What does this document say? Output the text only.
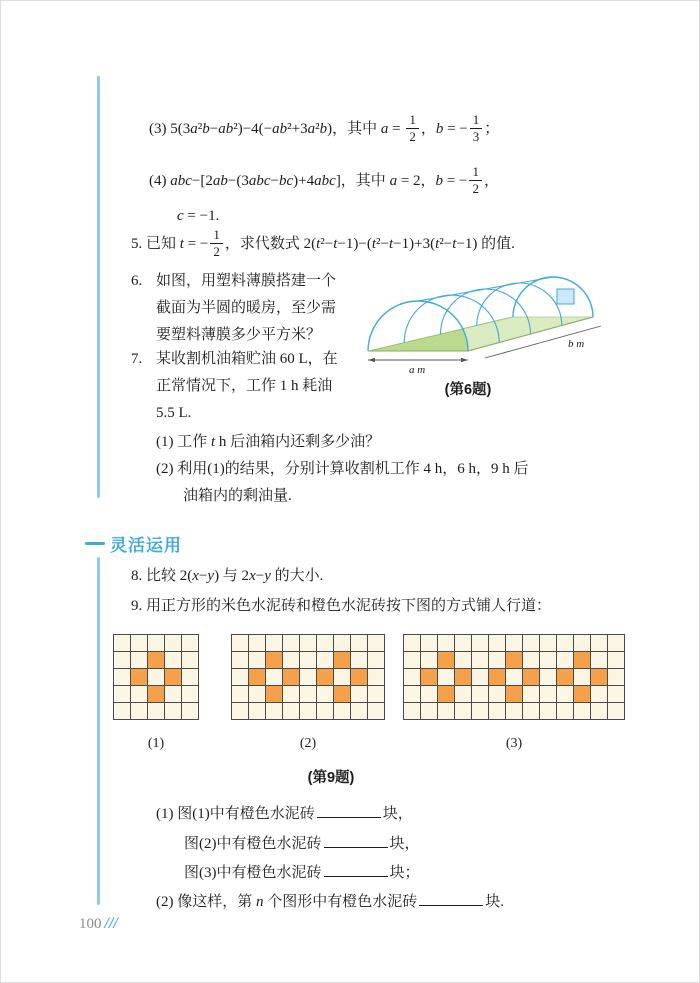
(3) 5(3a²b−ab²)−4(−ab²+3a²b)，其中 $a = \frac{1}{2}$ ，b = − $\frac{1}{3}$ ；
(4) abc−[2ab−(3abc−bc)+4abc]，其中 a = 2，b = − $\frac{1}{2}$ ，
c = −1.
5. 已知 t = − $\frac{1}{2}$ ，求代数式 2(t²−t−1)−(t²−t−1)+3(t²−t−1) 的值.
6. 如图，用塑料薄膜搭建一个
截面为半圆的暖房，至少需
要塑料薄膜多少平方米？
a m
b m
(第6题)
7. 某收割机油箱贮油 60 L，在
正常情况下，工作 1 h 耗油
5.5 L.
(1) 工作 t h 后油箱内还剩多少油？
(2) 利用(1)的结果，分别计算收割机工作 4 h，6 h，9 h 后
油箱内的剩油量.
灵活运用
8. 比较 2(x−y) 与 2x−y 的大小.
9. 用正方形的米色水泥砖和橙色水泥砖按下图的方式铺人行道：
(1)	(2)	(3)
(第9题)
(1) 图(1)中有橙色水泥砖	块，
图(2)中有橙色水泥砖	块，
图(3)中有橙色水泥砖	块；
(2) 像这样，第 n 个图形中有橙色水泥砖	块.
100 ///
